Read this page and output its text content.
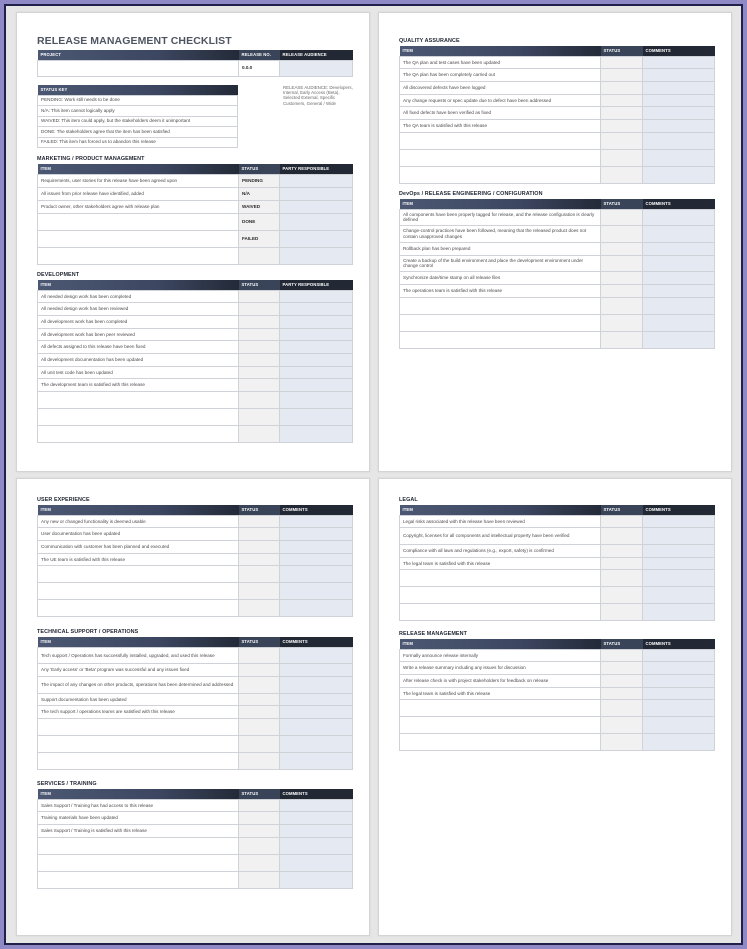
RELEASE MANAGEMENT CHECKLIST
PROJECT	RELEASE NO.	RELEASE AUDIENCE
	0.0.0	
STATUS KEY
PENDING: Work still needs to be done
N/A: This item cannot logically apply
WAIVED: This item could apply, but the stakeholders deem it unimportant
DONE: The stakeholders agree that the item has been satisfied
FAILED: This item has forced us to abandon this release
RELEASE AUDIENCE: Developers, Internal, Early Access (Beta), Selected External, Specific Customers, General / Wide
MARKETING / PRODUCT MANAGEMENT
ITEM	STATUS	PARTY RESPONSIBLE
Requirements, user stories for this release have been agreed upon	PENDING	
All issues from prior release have identified, added	N/A	
Product owner, other stakeholders agree with release plan	WAIVED	
	DONE	
	FAILED	

DEVELOPMENT
ITEM	STATUS	PARTY RESPONSIBLE
All needed design work has been completed		
All needed design work has been reviewed		
All development work has been completed		
All development work has been peer reviewed		
All defects assigned to this release have been fixed		
All development documentation has been updated		
All unit test code has been updated		
The development team is satisfied with this release		

QUALITY ASSURANCE
ITEM	STATUS	COMMENTS
The QA plan and test cases have been updated		
The QA plan has been completely carried out		
All discovered defects have been logged		
Any change requests or spec update due to defect have been addressed		
All fixed defects have been verified as fixed		
The QA team is satisfied with this release		

DevOps / RELEASE ENGINEERING / CONFIGURATION
ITEM	STATUS	COMMENTS
All components have been properly tagged for release, and the release configuration is clearly defined		
Change-control practices have been followed, meaning that the released product does not contain unapproved changes		
Rollback plan has been prepared		
Create a backup of the build environment and place the development environment under change control		
Synchronize date/time stamp on all release files		
The operations team is satisfied with this release		

USER EXPERIENCE
ITEM	STATUS	COMMENTS
Any new or changed functionality is deemed usable		
User documentation has been updated		
Communication with customer has been planned and executed		
The UE team is satisfied with this release		

TECHNICAL SUPPORT / OPERATIONS
ITEM	STATUS	COMMENTS
Tech support / Operations has successfully installed, upgraded, and used this release		
Any 'Early access' or 'Beta' program was successful and any issues fixed		
The impact of any changes on other products, operations has been determined and addressed		
Support documentation has been updated		
The tech support / operations teams are satisfied with this release		

SERVICES / TRAINING
ITEM	STATUS	COMMENTS
Sales Support / Training has had access to this release		
Training materials have been updated		
Sales Support / Training is satisfied with this release		

LEGAL
ITEM	STATUS	COMMENTS
Legal risks associated with this release have been reviewed		
Copyright, licenses for all components and intellectual property have been verified		
Compliance with all laws and regulations (e.g., export, safety) is confirmed		
The legal team is satisfied with this release		

RELEASE MANAGEMENT
ITEM	STATUS	COMMENTS
Formally announce release internally		
Write a release summary including any issues for discussion		
After release check in with project stakeholders for feedback on release		
The legal team is satisfied with this release		
